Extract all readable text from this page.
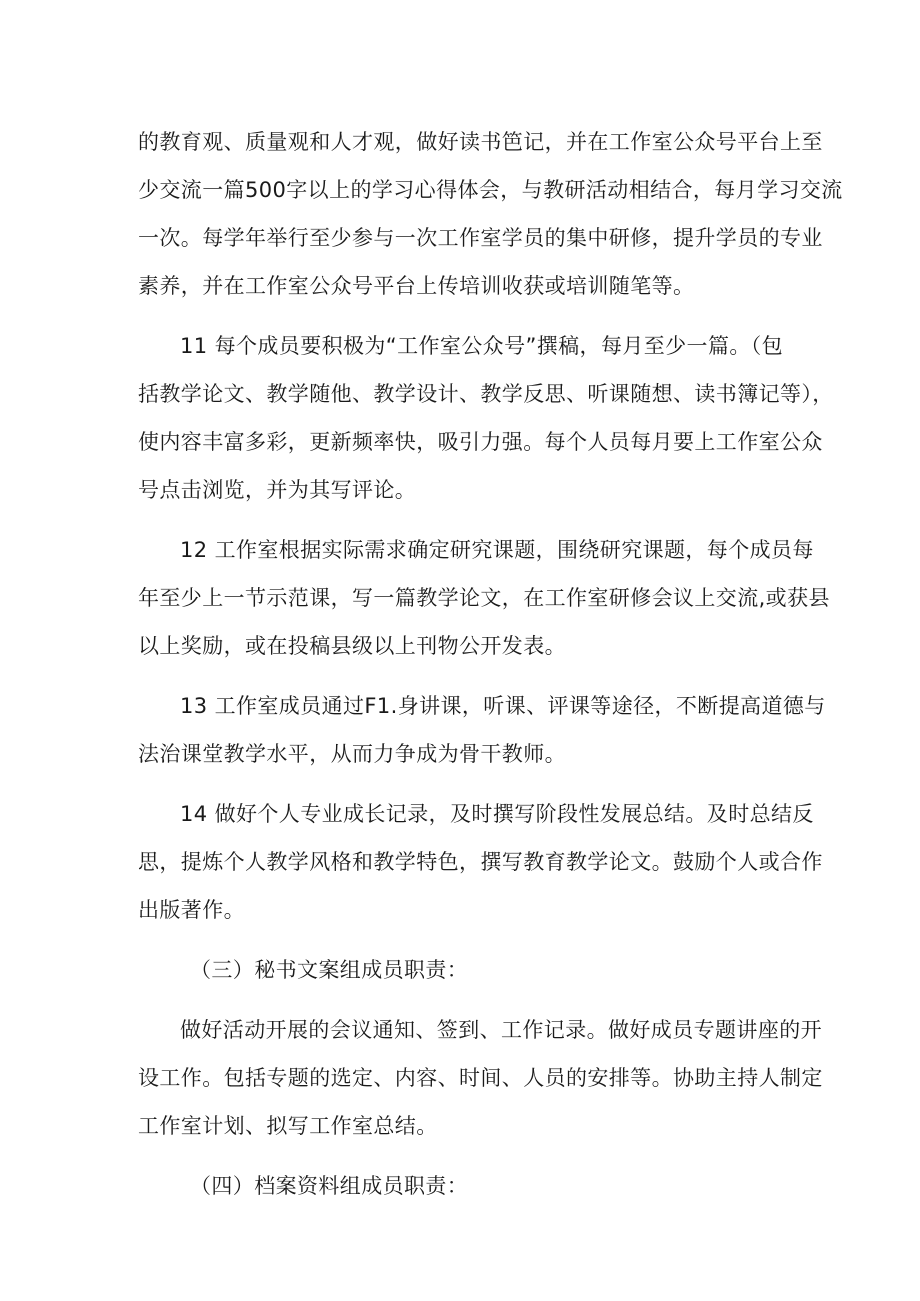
的教育观、质量观和人才观，做好读书笆记，并在工作室公众号平台上至
少交流一篇500字以上的学习心得体会，与教研活动相结合，每月学习交流
一次。每学年举行至少参与一次工作室学员的集中研修，提升学员的专业
素养，并在工作室公众号平台上传培训收获或培训随笔等。
11 每个成员要积极为“工作室公众号”撰稿，每月至少一篇。（包
括教学论文、教学随他、教学设计、教学反思、听课随想、读书簿记等），
使内容丰富多彩，更新频率快，吸引力强。每个人员每月要上工作室公众
号点击浏览，并为其写评论。
12 工作室根据实际需求确定研究课题，围绕研究课题，每个成员每
年至少上一节示范课，写一篇教学论文，在工作室研修会议上交流,或获县
以上奖励，或在投稿县级以上刊物公开发表。
13 工作室成员通过F1.身讲课，听课、评课等途径，不断提高道德与
法治课堂教学水平，从而力争成为骨干教师。
14 做好个人专业成长记录，及时撰写阶段性发展总结。及时总结反
思，提炼个人教学风格和教学特色，撰写教育教学论文。鼓励个人或合作
出版著作。
（三）秘书文案组成员职责：
做好活动开展的会议通知、签到、工作记录。做好成员专题讲座的开
设工作。包括专题的选定、内容、时间、人员的安排等。协助主持人制定
工作室计划、拟写工作室总结。
（四）档案资料组成员职责：
